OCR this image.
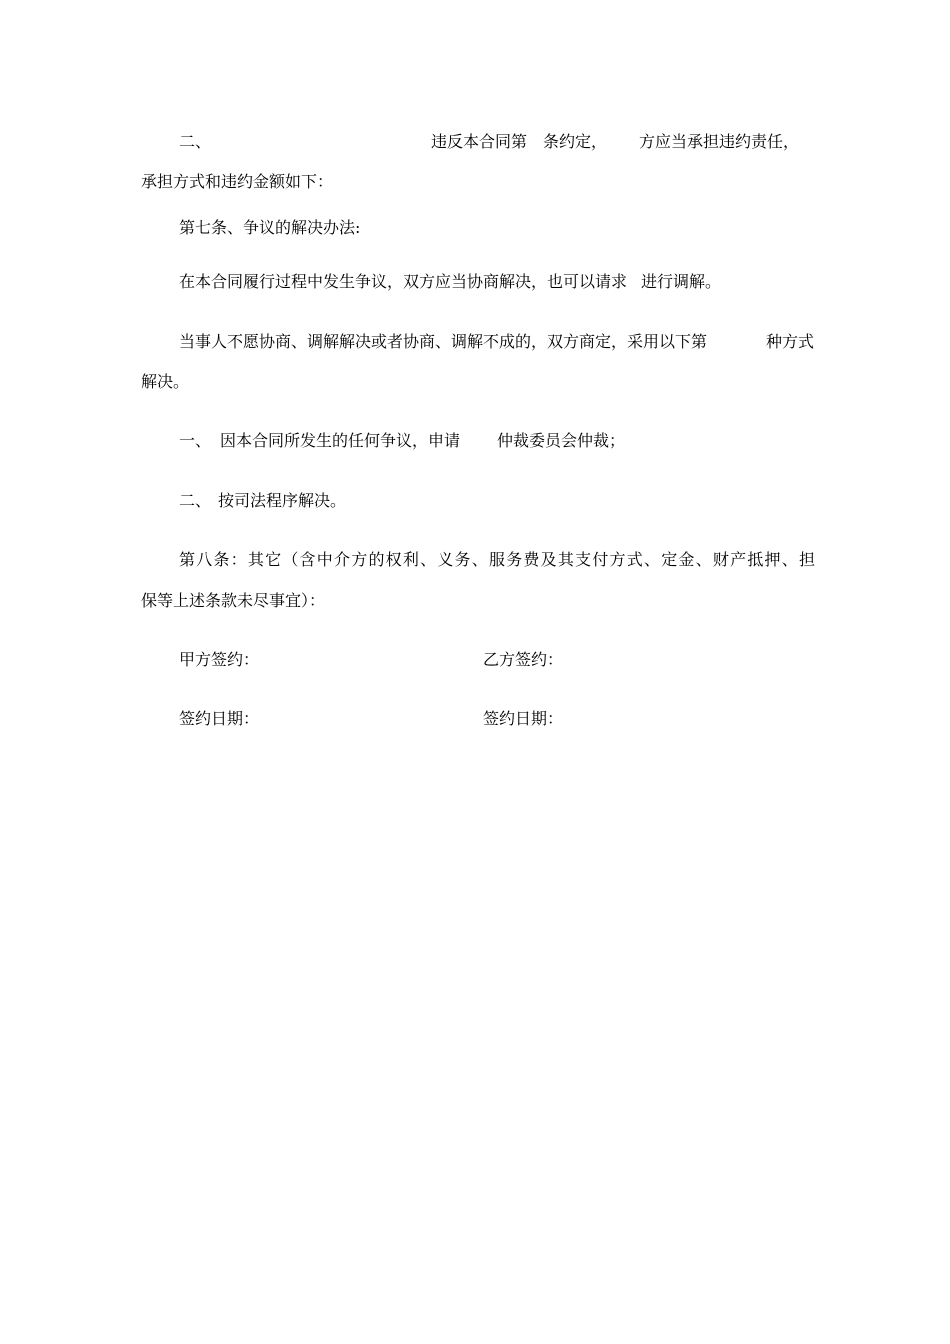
二、	违反本合同第 条约定， 方应当承担违约责任，
承担方式和违约金额如下：
第七条、争议的解决办法:
在本合同履行过程中发生争议，双方应当协商解决，也可以请求 进行调解。
当事人不愿协商、调解解决或者协商、调解不成的，双方商定，采用以下第	种方式
解决。
一、 因本合同所发生的任何争议，申请 仲裁委员会仲裁；
二、 按司法程序解决。
第八条：其它（含中介方的权利、义务、服务费及其支付方式、定金、财产抵押、担
保等上述条款未尽事宜）：
甲方签约：	乙方签约：
签约日期：	签约日期：
